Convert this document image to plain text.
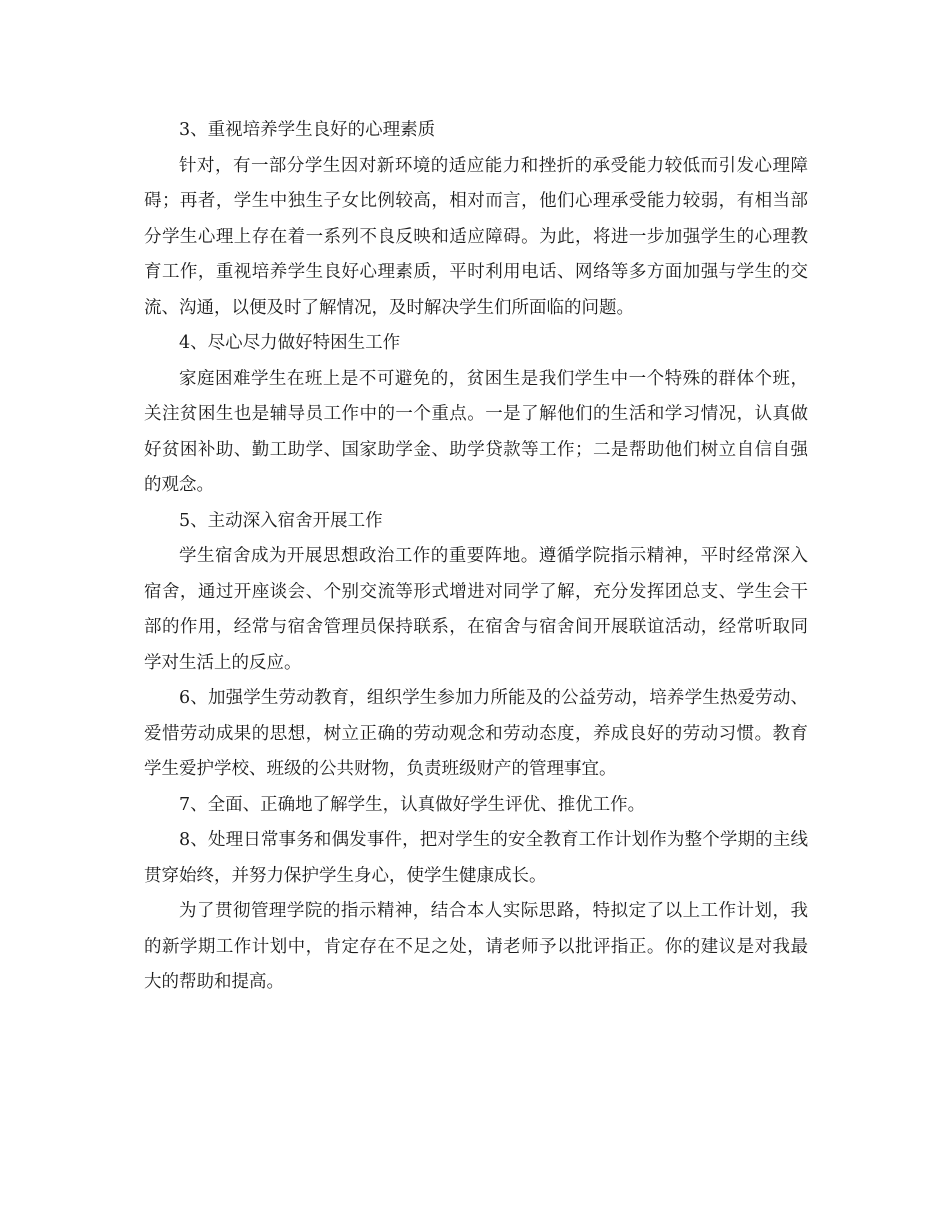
3、重视培养学生良好的心理素质

针对，有一部分学生因对新环境的适应能力和挫折的承受能力较低而引发心理障碍；再者，学生中独生子女比例较高，相对而言，他们心理承受能力较弱，有相当部分学生心理上存在着一系列不良反映和适应障碍。为此，将进一步加强学生的心理教育工作，重视培养学生良好心理素质，平时利用电话、网络等多方面加强与学生的交流、沟通，以便及时了解情况，及时解决学生们所面临的问题。

4、尽心尽力做好特困生工作

家庭困难学生在班上是不可避免的，贫困生是我们学生中一个特殊的群体个班，关注贫困生也是辅导员工作中的一个重点。一是了解他们的生活和学习情况，认真做好贫困补助、勤工助学、国家助学金、助学贷款等工作；二是帮助他们树立自信自强的观念。

5、主动深入宿舍开展工作

学生宿舍成为开展思想政治工作的重要阵地。遵循学院指示精神，平时经常深入宿舍，通过开座谈会、个别交流等形式增进对同学了解，充分发挥团总支、学生会干部的作用，经常与宿舍管理员保持联系，在宿舍与宿舍间开展联谊活动，经常听取同学对生活上的反应。

6、加强学生劳动教育，组织学生参加力所能及的公益劳动，培养学生热爱劳动、爱惜劳动成果的思想，树立正确的劳动观念和劳动态度，养成良好的劳动习惯。教育学生爱护学校、班级的公共财物，负责班级财产的管理事宜。

7、全面、正确地了解学生，认真做好学生评优、推优工作。

8、处理日常事务和偶发事件，把对学生的安全教育工作计划作为整个学期的主线贯穿始终，并努力保护学生身心，使学生健康成长。

为了贯彻管理学院的指示精神，结合本人实际思路，特拟定了以上工作计划，我的新学期工作计划中，肯定存在不足之处，请老师予以批评指正。你的建议是对我最大的帮助和提高。
